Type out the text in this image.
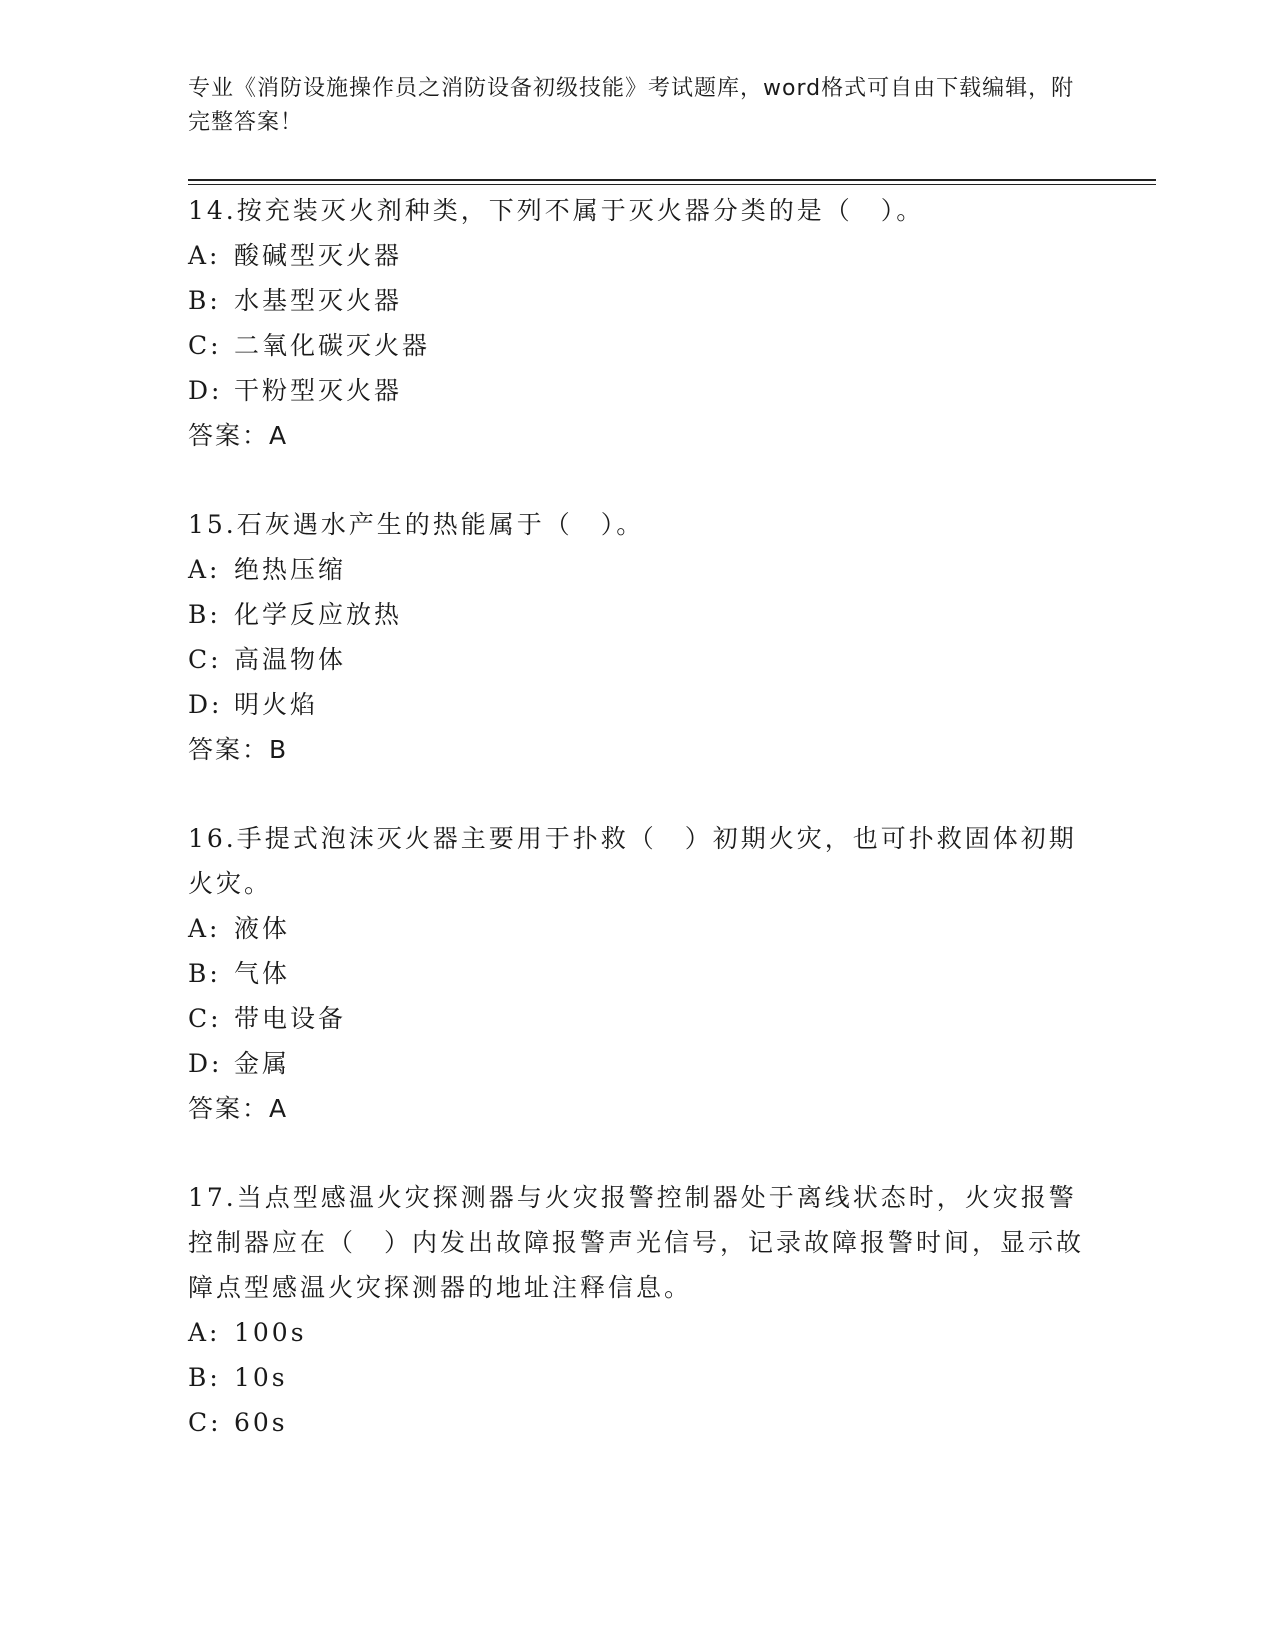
专业《消防设施操作员之消防设备初级技能》考试题库，word格式可自由下载编辑，附完整答案！
14.按充装灭火剂种类，下列不属于灭火器分类的是（　）。
A: 酸碱型灭火器
B: 水基型灭火器
C: 二氧化碳灭火器
D: 干粉型灭火器
答案：A
15.石灰遇水产生的热能属于（　）。
A: 绝热压缩
B: 化学反应放热
C: 高温物体
D: 明火焰
答案：B
16.手提式泡沫灭火器主要用于扑救（　）初期火灾，也可扑救固体初期火灾。
A: 液体
B: 气体
C: 带电设备
D: 金属
答案：A
17.当点型感温火灾探测器与火灾报警控制器处于离线状态时，火灾报警控制器应在（　）内发出故障报警声光信号，记录故障报警时间，显示故障点型感温火灾探测器的地址注释信息。
A: 100s
B: 10s
C: 60s
